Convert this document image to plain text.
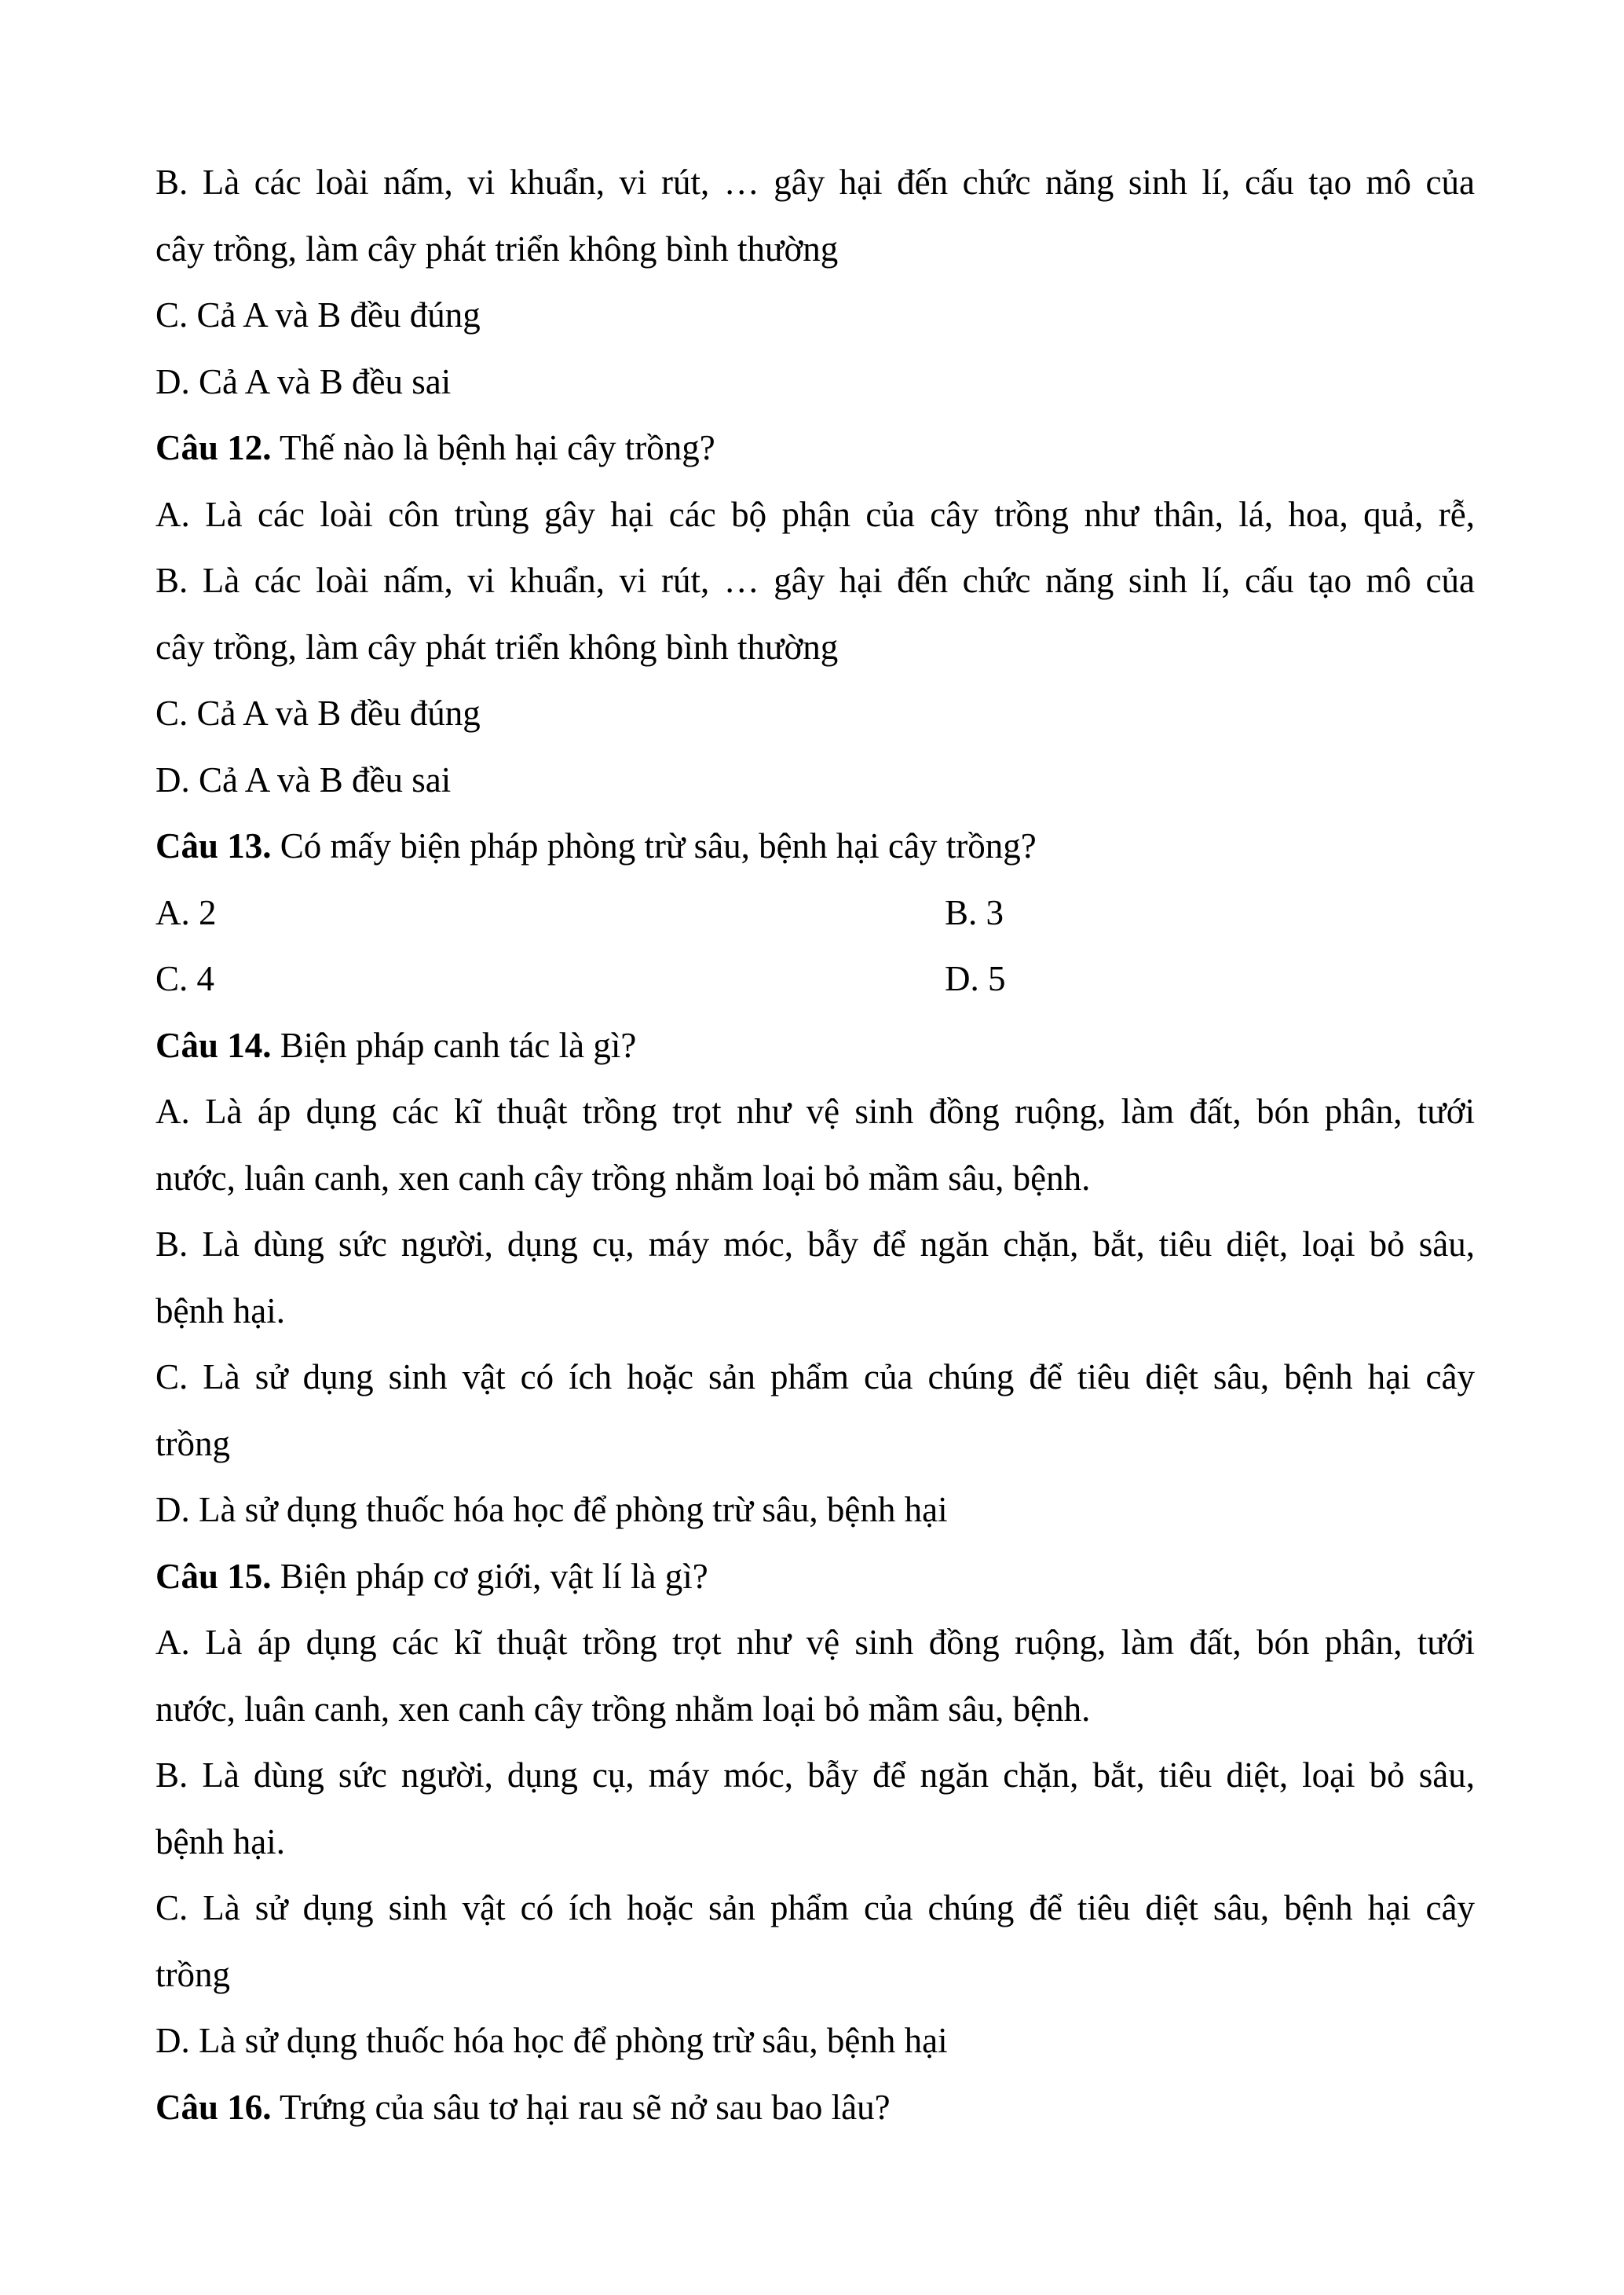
B. Là các loài nấm, vi khuẩn, vi rút, … gây hại đến chức năng sinh lí, cấu tạo mô của
cây trồng, làm cây phát triển không bình thường
C. Cả A và B đều đúng
D. Cả A và B đều sai
Câu 12. Thế nào là bệnh hại cây trồng?
A. Là các loài côn trùng gây hại các bộ phận của cây trồng như thân, lá, hoa, quả, rễ,
B. Là các loài nấm, vi khuẩn, vi rút, … gây hại đến chức năng sinh lí, cấu tạo mô của
cây trồng, làm cây phát triển không bình thường
C. Cả A và B đều đúng
D. Cả A và B đều sai
Câu 13. Có mấy biện pháp phòng trừ sâu, bệnh hại cây trồng?
A. 2	B. 3
C. 4	D. 5
Câu 14. Biện pháp canh tác là gì?
A. Là áp dụng các kĩ thuật trồng trọt như vệ sinh đồng ruộng, làm đất, bón phân, tưới
nước, luân canh, xen canh cây trồng nhằm loại bỏ mầm sâu, bệnh.
B. Là dùng sức người, dụng cụ, máy móc, bẫy để ngăn chặn, bắt, tiêu diệt, loại bỏ sâu,
bệnh hại.
C. Là sử dụng sinh vật có ích hoặc sản phẩm của chúng để tiêu diệt sâu, bệnh hại cây
trồng
D. Là sử dụng thuốc hóa học để phòng trừ sâu, bệnh hại
Câu 15. Biện pháp cơ giới, vật lí là gì?
A. Là áp dụng các kĩ thuật trồng trọt như vệ sinh đồng ruộng, làm đất, bón phân, tưới
nước, luân canh, xen canh cây trồng nhằm loại bỏ mầm sâu, bệnh.
B. Là dùng sức người, dụng cụ, máy móc, bẫy để ngăn chặn, bắt, tiêu diệt, loại bỏ sâu,
bệnh hại.
C. Là sử dụng sinh vật có ích hoặc sản phẩm của chúng để tiêu diệt sâu, bệnh hại cây
trồng
D. Là sử dụng thuốc hóa học để phòng trừ sâu, bệnh hại
Câu 16. Trứng của sâu tơ hại rau sẽ nở sau bao lâu?
